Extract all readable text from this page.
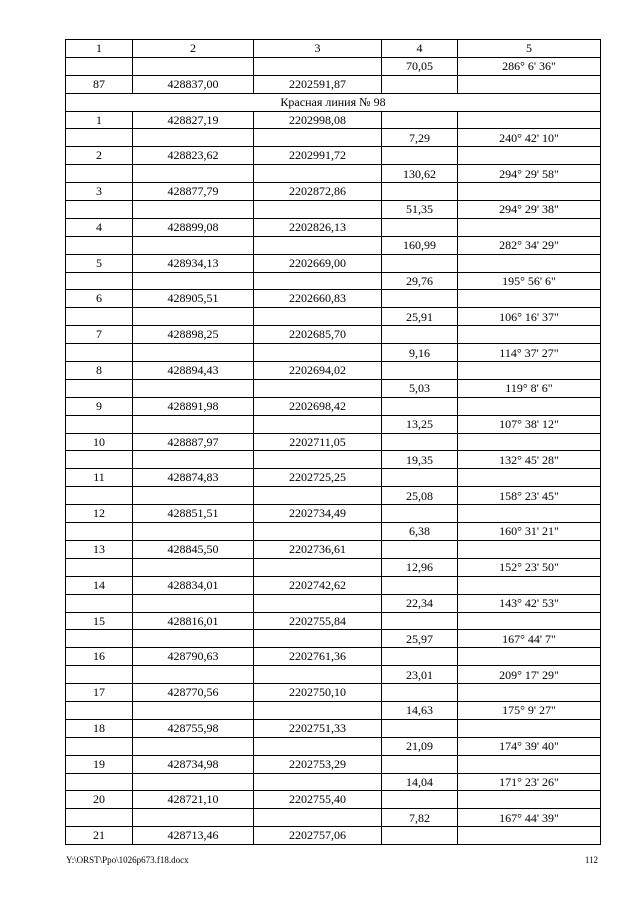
1	2	3	4	5
			70,05	286° 6' 36"
87	428837,00	2202591,87		
Красная линия № 98				
1	428827,19	2202998,08		
			7,29	240° 42' 10"
2	428823,62	2202991,72		
			130,62	294° 29' 58"
3	428877,79	2202872,86		
			51,35	294° 29' 38"
4	428899,08	2202826,13		
			160,99	282° 34' 29"
5	428934,13	2202669,00		
			29,76	195° 56' 6"
6	428905,51	2202660,83		
			25,91	106° 16' 37"
7	428898,25	2202685,70		
			9,16	114° 37' 27"
8	428894,43	2202694,02		
			5,03	119° 8' 6"
9	428891,98	2202698,42		
			13,25	107° 38' 12"
10	428887,97	2202711,05		
			19,35	132° 45' 28"
11	428874,83	2202725,25		
			25,08	158° 23' 45"
12	428851,51	2202734,49		
			6,38	160° 31' 21"
13	428845,50	2202736,61		
			12,96	152° 23' 50"
14	428834,01	2202742,62		
			22,34	143° 42' 53"
15	428816,01	2202755,84		
			25,97	167° 44' 7"
16	428790,63	2202761,36		
			23,01	209° 17' 29"
17	428770,56	2202750,10		
			14,63	175° 9' 27"
18	428755,98	2202751,33		
			21,09	174° 39' 40"
19	428734,98	2202753,29		
			14,04	171° 23' 26"
20	428721,10	2202755,40		
			7,82	167° 44' 39"
21	428713,46	2202757,06		
Y:\ORST\Ppo\1026p673.f18.docx	112
